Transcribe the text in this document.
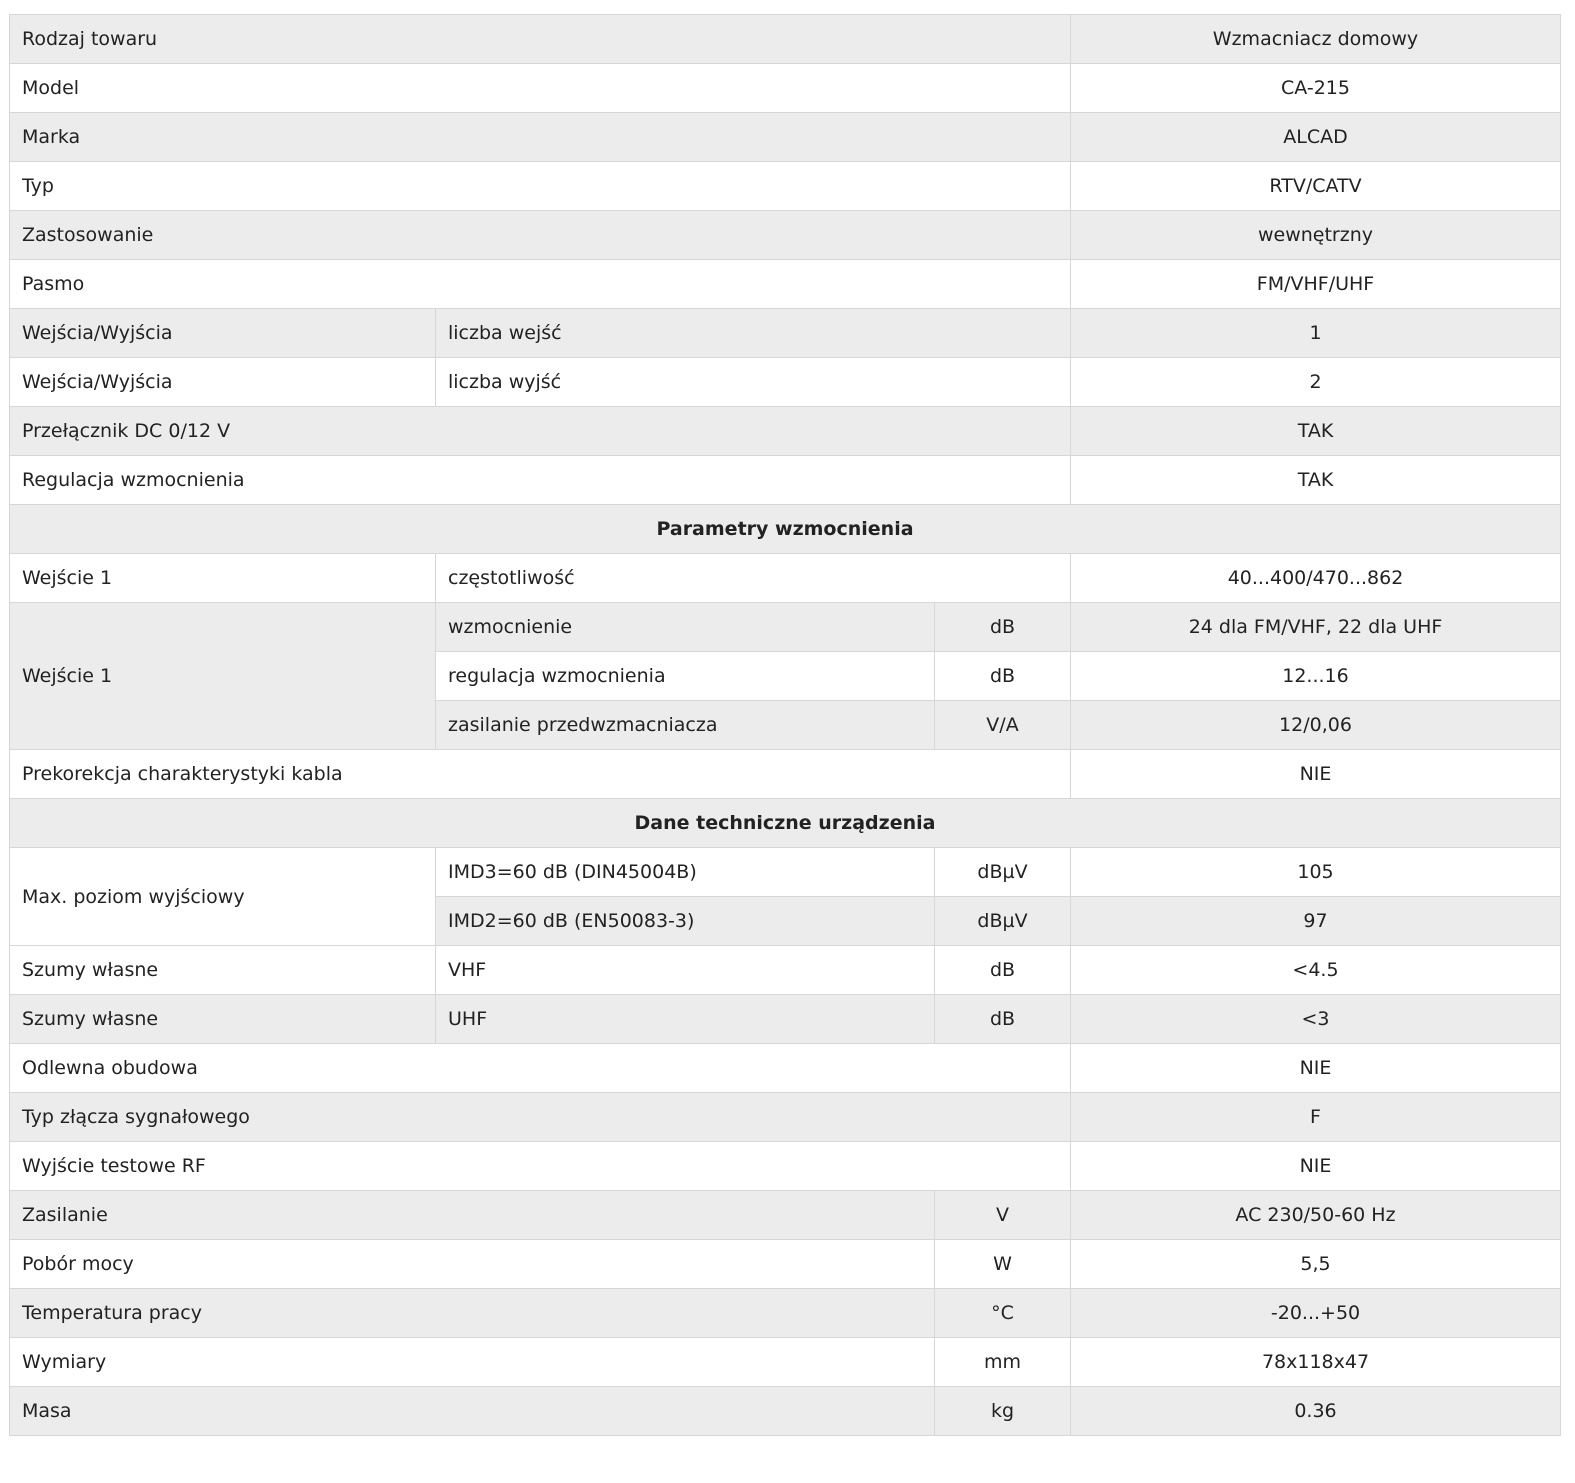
Rodzaj towaru			Wzmacniacz domowy
Model			CA-215
Marka			ALCAD
Typ			RTV/CATV
Zastosowanie			wewnętrzny
Pasmo			FM/VHF/UHF
Wejścia/Wyjścia	liczba wejść		1
Wejścia/Wyjścia	liczba wyjść		2
Przełącznik DC 0/12 V			TAK
Regulacja wzmocnienia			TAK
Parametry wzmocnienia			
Wejście 1	częstotliwość		40...400/470...862
Wejście 1	wzmocnienie	dB	24 dla FM/VHF, 22 dla UHF
	regulacja wzmocnienia	dB	12...16
	zasilanie przedwzmacniacza	V/A	12/0,06
Prekorekcja charakterystyki kabla			NIE
Dane techniczne urządzenia			
Max. poziom wyjściowy	IMD3=60 dB (DIN45004B)	dBµV	105
	IMD2=60 dB (EN50083-3)	dBµV	97
Szumy własne	VHF	dB	<4.5
Szumy własne	UHF	dB	<3
Odlewna obudowa			NIE
Typ złącza sygnałowego			F
Wyjście testowe RF			NIE
Zasilanie		V	AC 230/50-60 Hz
Pobór mocy		W	5,5
Temperatura pracy		°C	-20...+50
Wymiary		mm	78x118x47
Masa		kg	0.36
